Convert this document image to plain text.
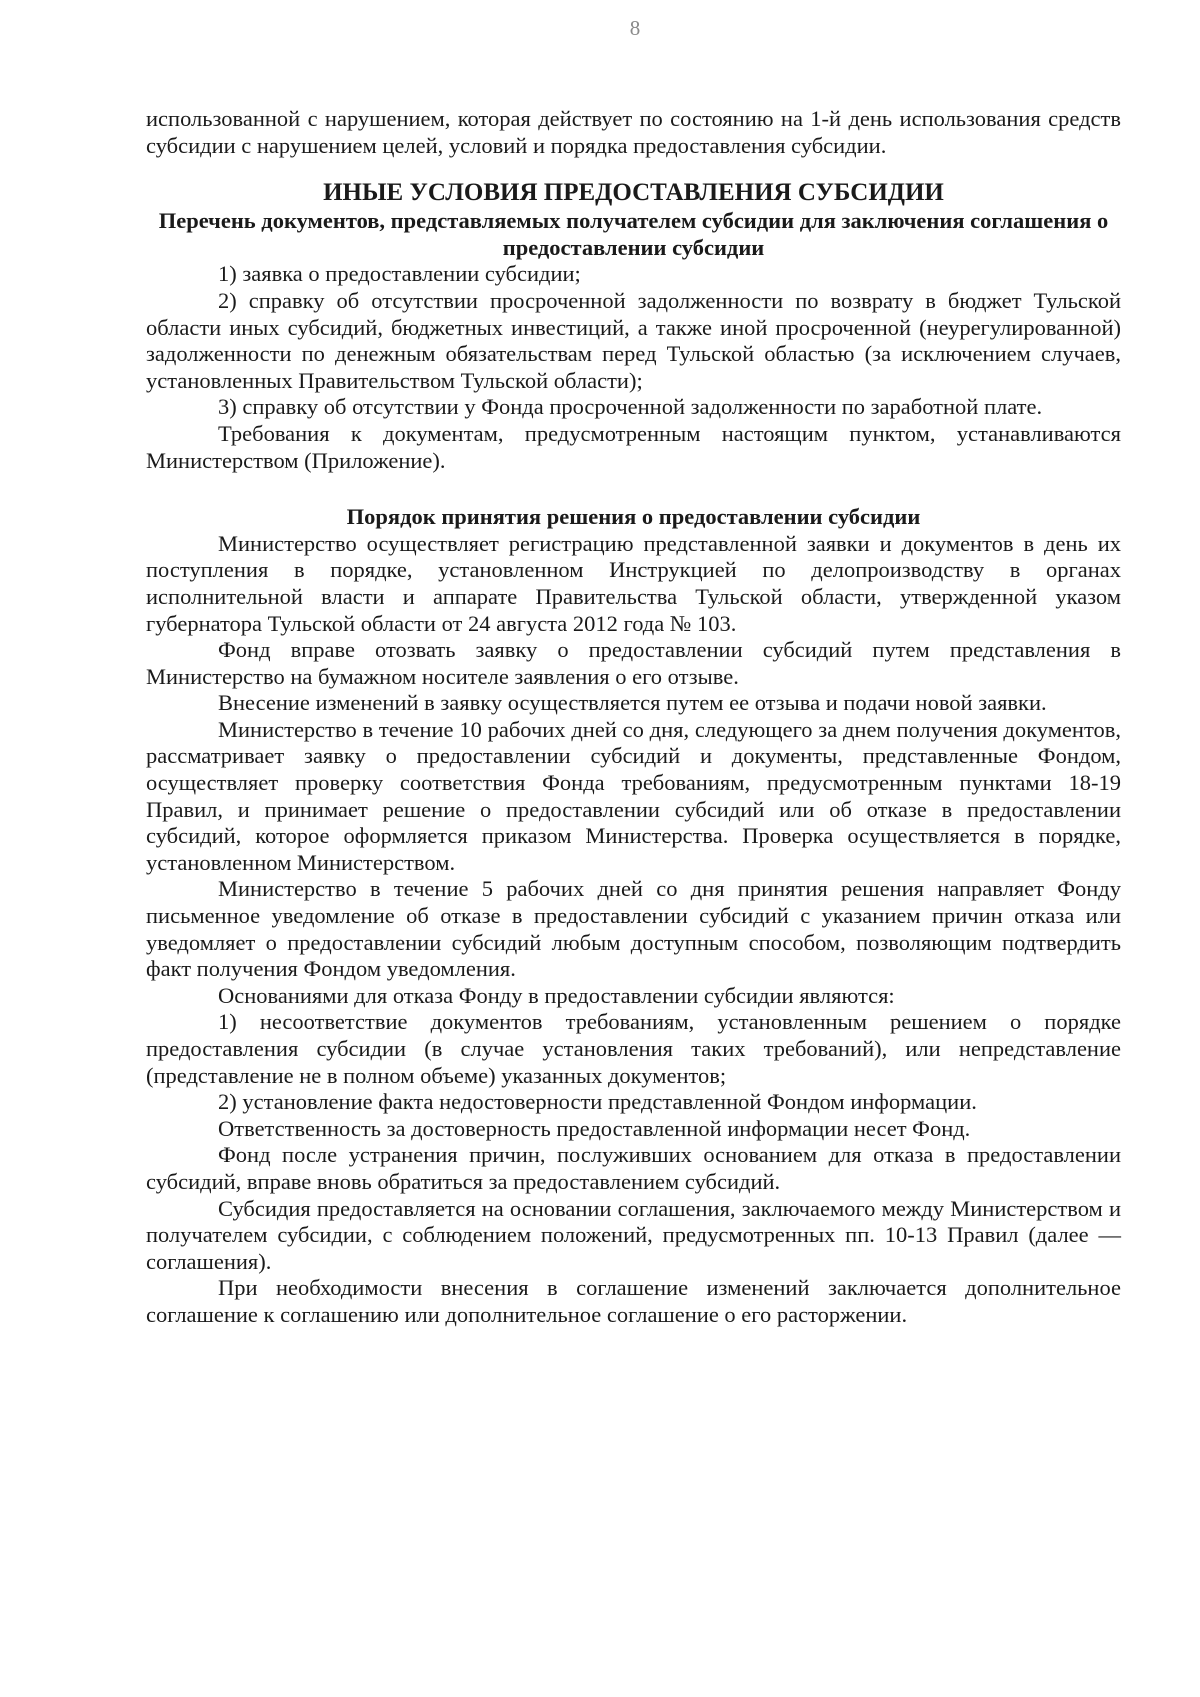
8

использованной с нарушением, которая действует по состоянию на 1-й день использования средств субсидии с нарушением целей, условий и порядка предоставления субсидии.

ИНЫЕ УСЛОВИЯ ПРЕДОСТАВЛЕНИЯ СУБСИДИИ
Перечень документов, представляемых получателем субсидии для заключения соглашения о предоставлении субсидии

1) заявка о предоставлении субсидии;

2) справку об отсутствии просроченной задолженности по возврату в бюджет Тульской области иных субсидий, бюджетных инвестиций, а также иной просроченной (неурегулированной) задолженности по денежным обязательствам перед Тульской областью (за исключением случаев, установленных Правительством Тульской области);

3) справку об отсутствии у Фонда просроченной задолженности по заработной плате.

Требования к документам, предусмотренным настоящим пунктом, устанавливаются Министерством (Приложение).

Порядок принятия решения о предоставлении субсидии

Министерство осуществляет регистрацию представленной заявки и документов в день их поступления в порядке, установленном Инструкцией по делопроизводству в органах исполнительной власти и аппарате Правительства Тульской области, утвержденной указом губернатора Тульской области от 24 августа 2012 года № 103.

Фонд вправе отозвать заявку о предоставлении субсидий путем представления в Министерство на бумажном носителе заявления о его отзыве.

Внесение изменений в заявку осуществляется путем ее отзыва и подачи новой заявки.

Министерство в течение 10 рабочих дней со дня, следующего за днем получения документов, рассматривает заявку о предоставлении субсидий и документы, представленные Фондом, осуществляет проверку соответствия Фонда требованиям, предусмотренным пунктами 18-19 Правил, и принимает решение о предоставлении субсидий или об отказе в предоставлении субсидий, которое оформляется приказом Министерства. Проверка осуществляется в порядке, установленном Министерством.

Министерство в течение 5 рабочих дней со дня принятия решения направляет Фонду письменное уведомление об отказе в предоставлении субсидий с указанием причин отказа или уведомляет о предоставлении субсидий любым доступным способом, позволяющим подтвердить факт получения Фондом уведомления.

Основаниями для отказа Фонду в предоставлении субсидии являются:

1) несоответствие документов требованиям, установленным решением о порядке предоставления субсидии (в случае установления таких требований), или непредставление (представление не в полном объеме) указанных документов;

2) установление факта недостоверности представленной Фондом информации.

Ответственность за достоверность предоставленной информации несет Фонд.

Фонд после устранения причин, послуживших основанием для отказа в предоставлении субсидий, вправе вновь обратиться за предоставлением субсидий.

Субсидия предоставляется на основании соглашения, заключаемого между Министерством и получателем субсидии, с соблюдением положений, предусмотренных пп. 10-13 Правил (далее — соглашения).

При необходимости внесения в соглашение изменений заключается дополнительное соглашение к соглашению или дополнительное соглашение о его расторжении.
